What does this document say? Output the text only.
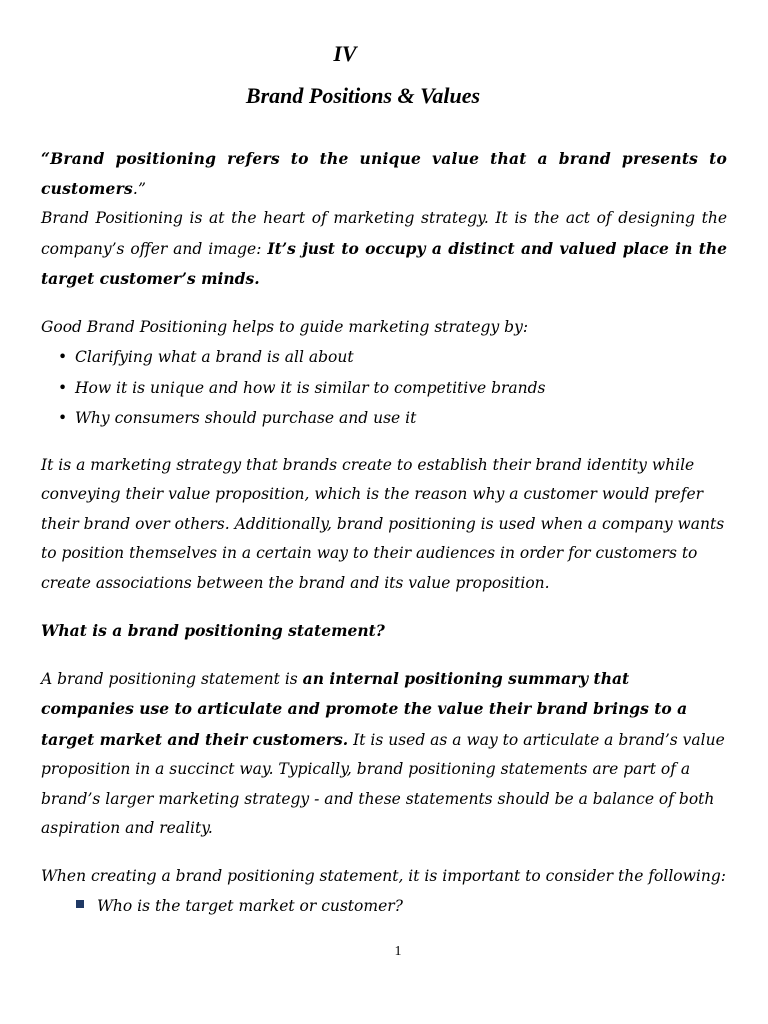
IV
Brand Positions & Values

“Brand positioning refers to the unique value that a brand presents to customers.”

Brand Positioning is at the heart of marketing strategy. It is the act of designing the company’s offer and image: It’s just to occupy a distinct and valued place in the target customer’s minds.

Good Brand Positioning helps to guide marketing strategy by:

• Clarifying what a brand is all about
• How it is unique and how it is similar to competitive brands
• Why consumers should purchase and use it

It is a marketing strategy that brands create to establish their brand identity while conveying their value proposition, which is the reason why a customer would prefer their brand over others. Additionally, brand positioning is used when a company wants to position themselves in a certain way to their audiences in order for customers to create associations between the brand and its value proposition.

What is a brand positioning statement?

A brand positioning statement is an internal positioning summary that companies use to articulate and promote the value their brand brings to a target market and their customers. It is used as a way to articulate a brand’s value proposition in a succinct way. Typically, brand positioning statements are part of a brand’s larger marketing strategy - and these statements should be a balance of both aspiration and reality.

When creating a brand positioning statement, it is important to consider the following:

Who is the target market or customer?
1
